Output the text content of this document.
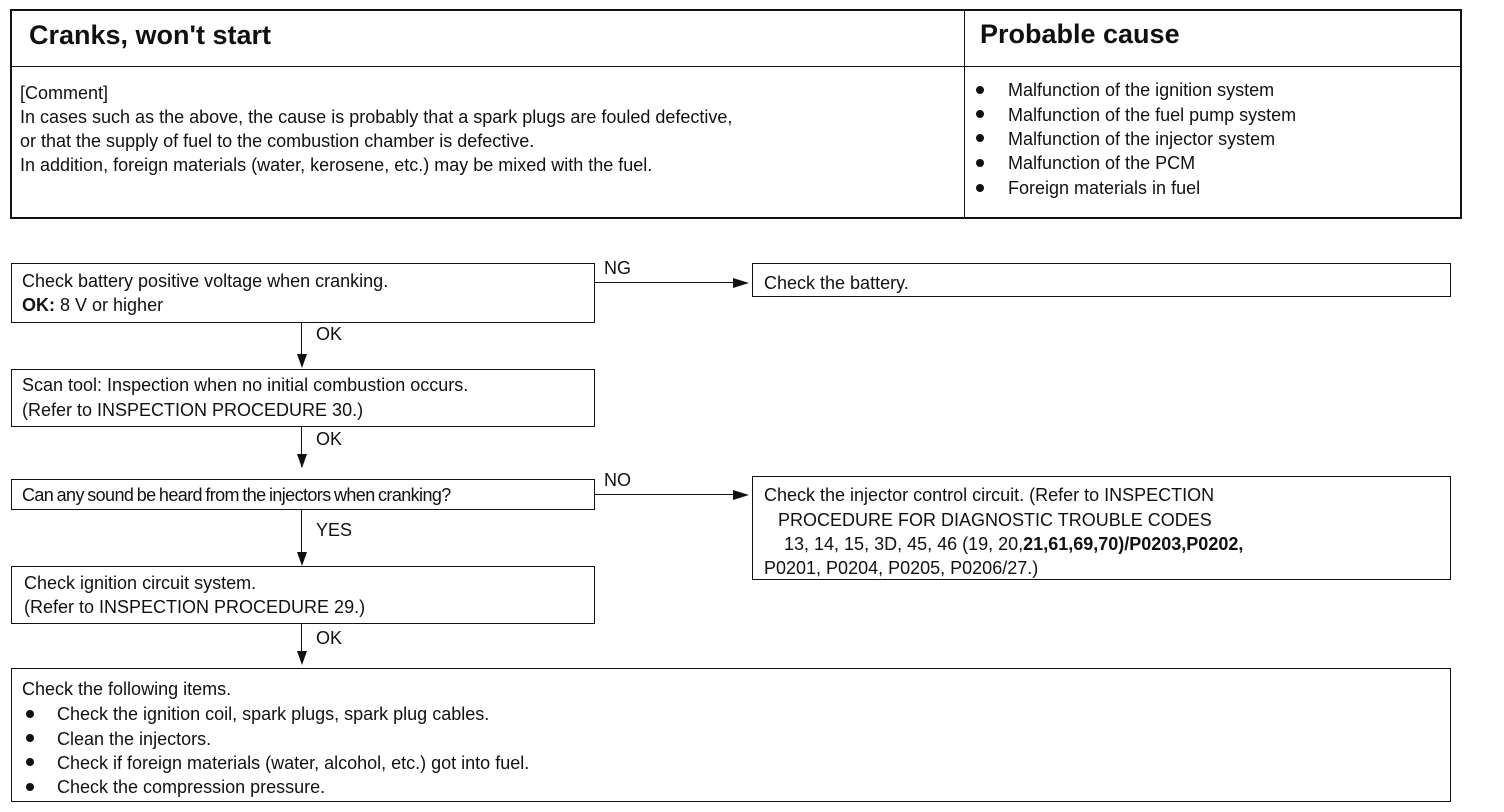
Cranks, won't start	Probable cause
[Comment]
In cases such as the above, the cause is probably that a spark plugs are fouled defective,
or that the supply of fuel to the combustion chamber is defective.
In addition, foreign materials (water, kerosene, etc.) may be mixed with the fuel.
Malfunction of the ignition system
Malfunction of the fuel pump system
Malfunction of the injector system
Malfunction of the PCM
Foreign materials in fuel
Check battery positive voltage when cranking.
OK: 8 V or higher
NG
Check the battery.
OK
Scan tool: Inspection when no initial combustion occurs.
(Refer to INSPECTION PROCEDURE 30.)
OK
Can any sound be heard from the injectors when cranking?
NO
Check the injector control circuit. (Refer to INSPECTION
PROCEDURE FOR DIAGNOSTIC TROUBLE CODES
13, 14, 15, 3D, 45, 46 (19, 20,21,61,69,70)/P0203,P0202,
P0201, P0204, P0205, P0206/27.)
YES
Check ignition circuit system.
(Refer to INSPECTION PROCEDURE 29.)
OK
Check the following items.
Check the ignition coil, spark plugs, spark plug cables.
Clean the injectors.
Check if foreign materials (water, alcohol, etc.) got into fuel.
Check the compression pressure.
